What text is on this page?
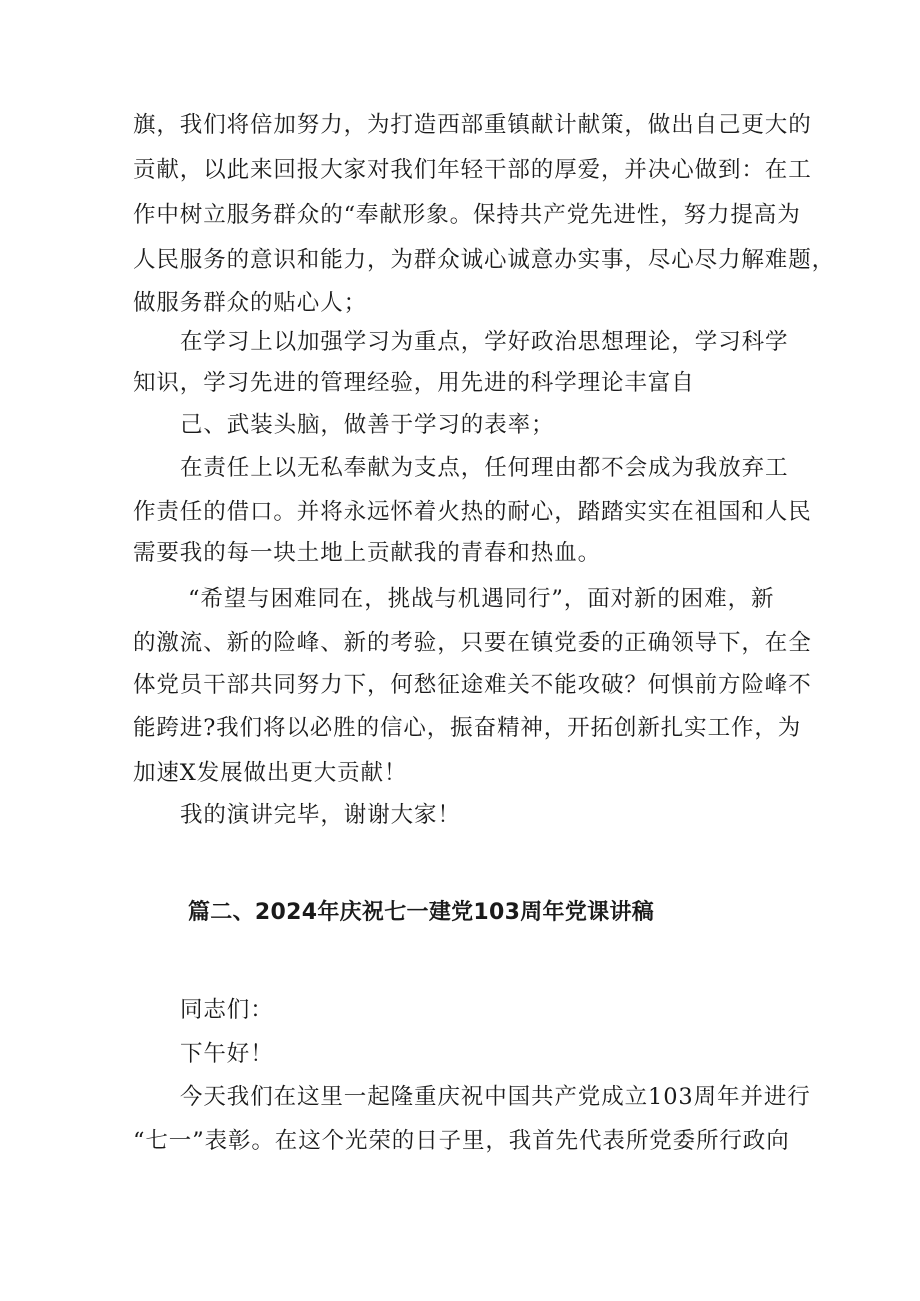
旗，我们将倍加努力，为打造西部重镇献计献策，做出自己更大的
贡献，以此来回报大家对我们年轻干部的厚爱，并决心做到：在工
作中树立服务群众的“奉献形象。保持共产党先进性，努力提高为
人民服务的意识和能力，为群众诚心诚意办实事，尽心尽力解难题，
做服务群众的贴心人；
在学习上以加强学习为重点，学好政治思想理论，学习科学
知识，学习先进的管理经验，用先进的科学理论丰富自
己、武装头脑，做善于学习的表率；
在责任上以无私奉献为支点，任何理由都不会成为我放弃工
作责任的借口。并将永远怀着火热的耐心，踏踏实实在祖国和人民
需要我的每一块土地上贡献我的青春和热血。
“希望与困难同在，挑战与机遇同行”，面对新的困难，新
的激流、新的险峰、新的考验，只要在镇党委的正确领导下，在全
体党员干部共同努力下，何愁征途难关不能攻破？何惧前方险峰不
能跨进?我们将以必胜的信心，振奋精神，开拓创新扎实工作，为
加速X发展做出更大贡献！
我的演讲完毕，谢谢大家！
篇二、2024年庆祝七一建党103周年党课讲稿
同志们：
下午好！
今天我们在这里一起隆重庆祝中国共产党成立103周年并进行
“七一”表彰。在这个光荣的日子里，我首先代表所党委所行政向
